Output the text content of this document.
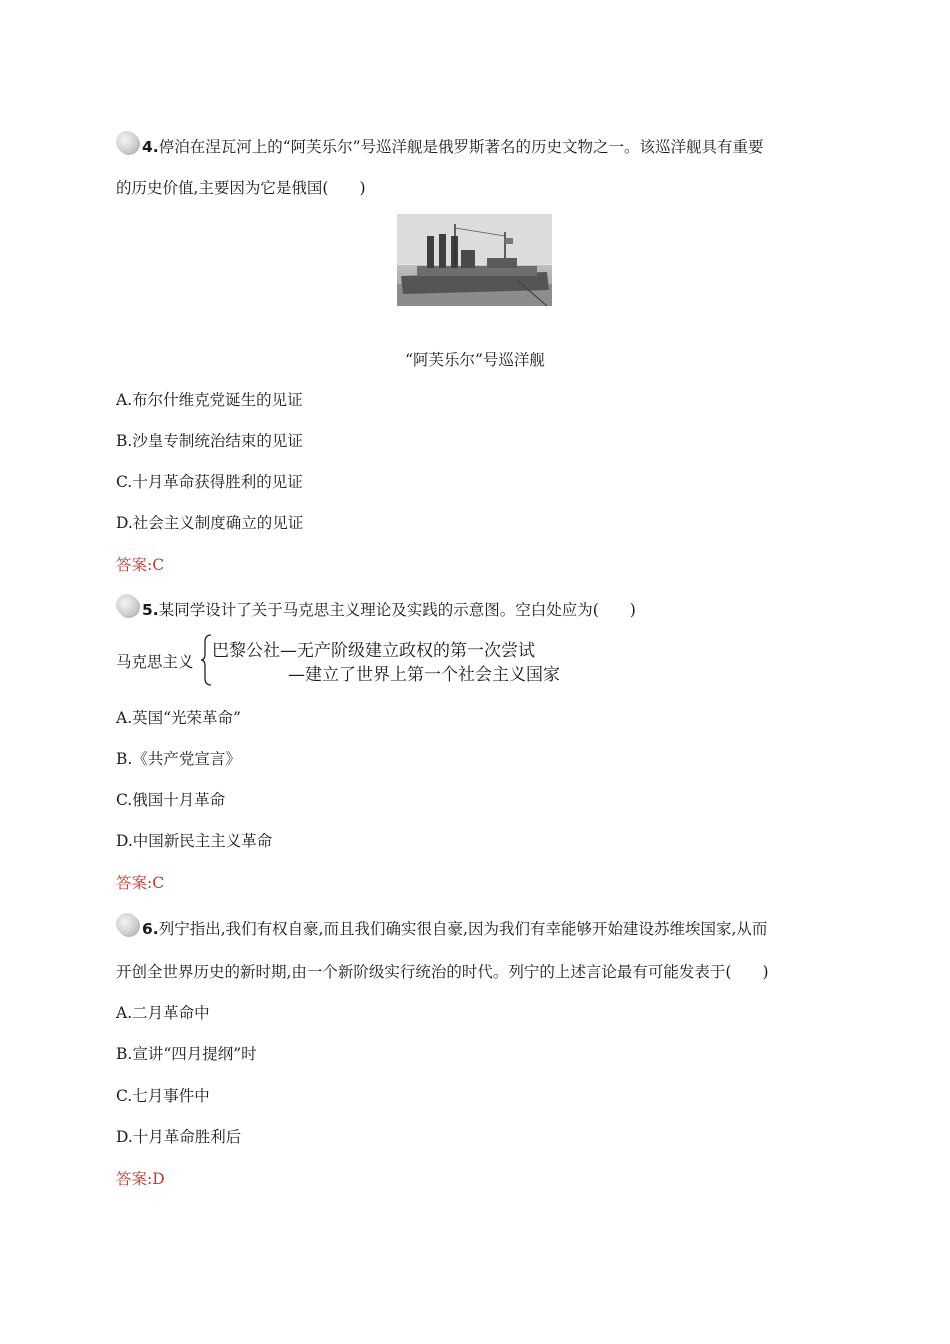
4.停泊在涅瓦河上的“阿芙乐尔”号巡洋舰是俄罗斯著名的历史文物之一。该巡洋舰具有重要
的历史价值,主要因为它是俄国(　　)
“阿芙乐尔”号巡洋舰
A.布尔什维克党诞生的见证
B.沙皇专制统治结束的见证
C.十月革命获得胜利的见证
D.社会主义制度确立的见证
答案:C
5.某同学设计了关于马克思主义理论及实践的示意图。空白处应为(　　)
马克思主义
巴黎公社—无产阶级建立政权的第一次尝试
—建立了世界上第一个社会主义国家
A.英国“光荣革命”
B.《共产党宣言》
C.俄国十月革命
D.中国新民主主义革命
答案:C
6.列宁指出,我们有权自豪,而且我们确实很自豪,因为我们有幸能够开始建设苏维埃国家,从而
开创全世界历史的新时期,由一个新阶级实行统治的时代。列宁的上述言论最有可能发表于(　　)
A.二月革命中
B.宣讲“四月提纲”时
C.七月事件中
D.十月革命胜利后
答案:D
